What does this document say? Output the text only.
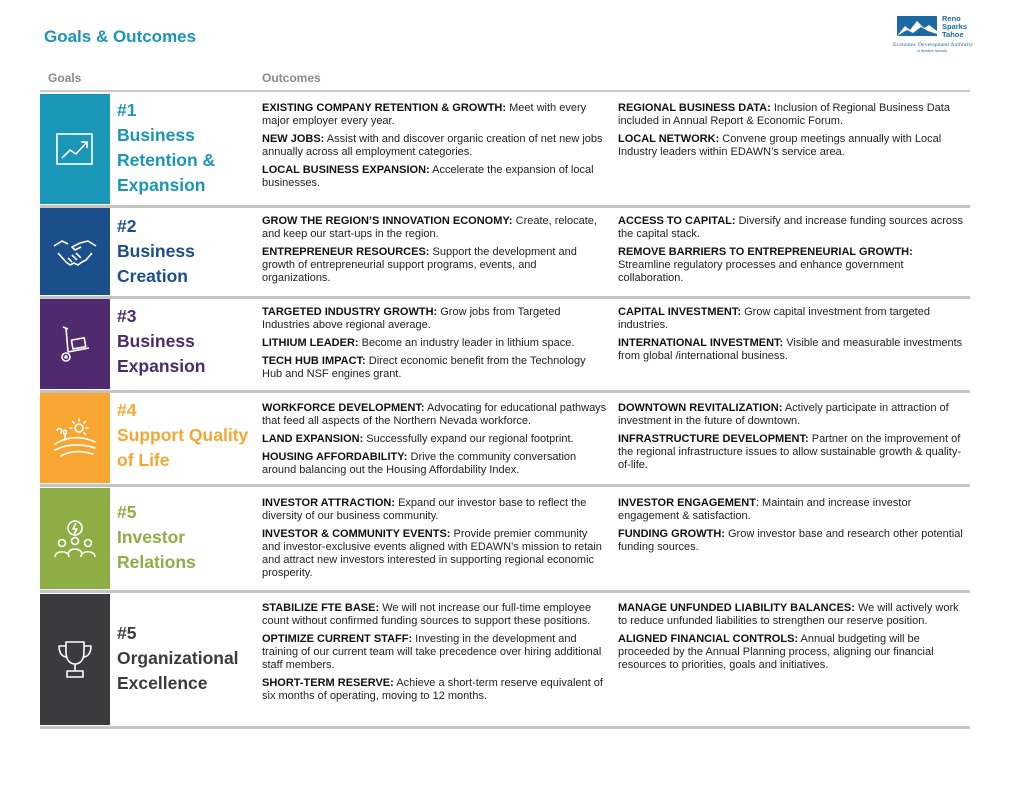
Goals & Outcomes
Reno
Sparks
Tahoe
Economic Development Authority
of Western Nevada
Goals	Outcomes
#1
Business
Retention &
Expansion

EXISTING COMPANY RETENTION & GROWTH: Meet with every major employer every year.

NEW JOBS: Assist with and discover organic creation of net new jobs annually across all employment categories.

LOCAL BUSINESS EXPANSION: Accelerate the expansion of local businesses.

REGIONAL BUSINESS DATA: Inclusion of Regional Business Data included in Annual Report & Economic Forum.

LOCAL NETWORK: Convene group meetings annually with Local Industry leaders within EDAWN’s service area.

#2
Business
Creation

GROW THE REGION’S INNOVATION ECONOMY: Create, relocate, and keep our start-ups in the region.

ENTREPRENEUR RESOURCES: Support the development and growth of entrepreneurial support programs, events, and organizations.

ACCESS TO CAPITAL: Diversify and increase funding sources across the capital stack.

REMOVE BARRIERS TO ENTREPRENEURIAL GROWTH: Streamline regulatory processes and enhance government collaboration.

#3
Business
Expansion

TARGETED INDUSTRY GROWTH: Grow jobs from Targeted Industries above regional average.

LITHIUM LEADER: Become an industry leader in lithium space.

TECH HUB IMPACT: Direct economic benefit from the Technology Hub and NSF engines grant.

CAPITAL INVESTMENT: Grow capital investment from targeted industries.

INTERNATIONAL INVESTMENT: Visible and measurable investments from global /international business.

#4
Support Quality
of Life

WORKFORCE DEVELOPMENT: Advocating for educational pathways that feed all aspects of the Northern Nevada workforce.

LAND EXPANSION: Successfully expand our regional footprint.

HOUSING AFFORDABILITY: Drive the community conversation around balancing out the Housing Affordability Index.

DOWNTOWN REVITALIZATION: Actively participate in attraction of investment in the future of downtown.

INFRASTRUCTURE DEVELOPMENT: Partner on the improvement of the regional infrastructure issues to allow sustainable growth & quality-of-life.

#5
Investor
Relations

INVESTOR ATTRACTION: Expand our investor base to reflect the diversity of our business community.

INVESTOR & COMMUNITY EVENTS: Provide premier community and investor-exclusive events aligned with EDAWN’s mission to retain and attract new investors interested in supporting regional economic prosperity.

INVESTOR ENGAGEMENT: Maintain and increase investor engagement & satisfaction.

FUNDING GROWTH: Grow investor base and research other potential funding sources.

#5
Organizational
Excellence

STABILIZE FTE BASE: We will not increase our full-time employee count without confirmed funding sources to support these positions.

OPTIMIZE CURRENT STAFF: Investing in the development and training of our current team will take precedence over hiring additional staff members.

SHORT-TERM RESERVE: Achieve a short-term reserve equivalent of six months of operating, moving to 12 months.

MANAGE UNFUNDED LIABILITY BALANCES: We will actively work to reduce unfunded liabilities to strengthen our reserve position.

ALIGNED FINANCIAL CONTROLS: Annual budgeting will be proceeded by the Annual Planning process, aligning our financial resources to priorities, goals and initiatives.
